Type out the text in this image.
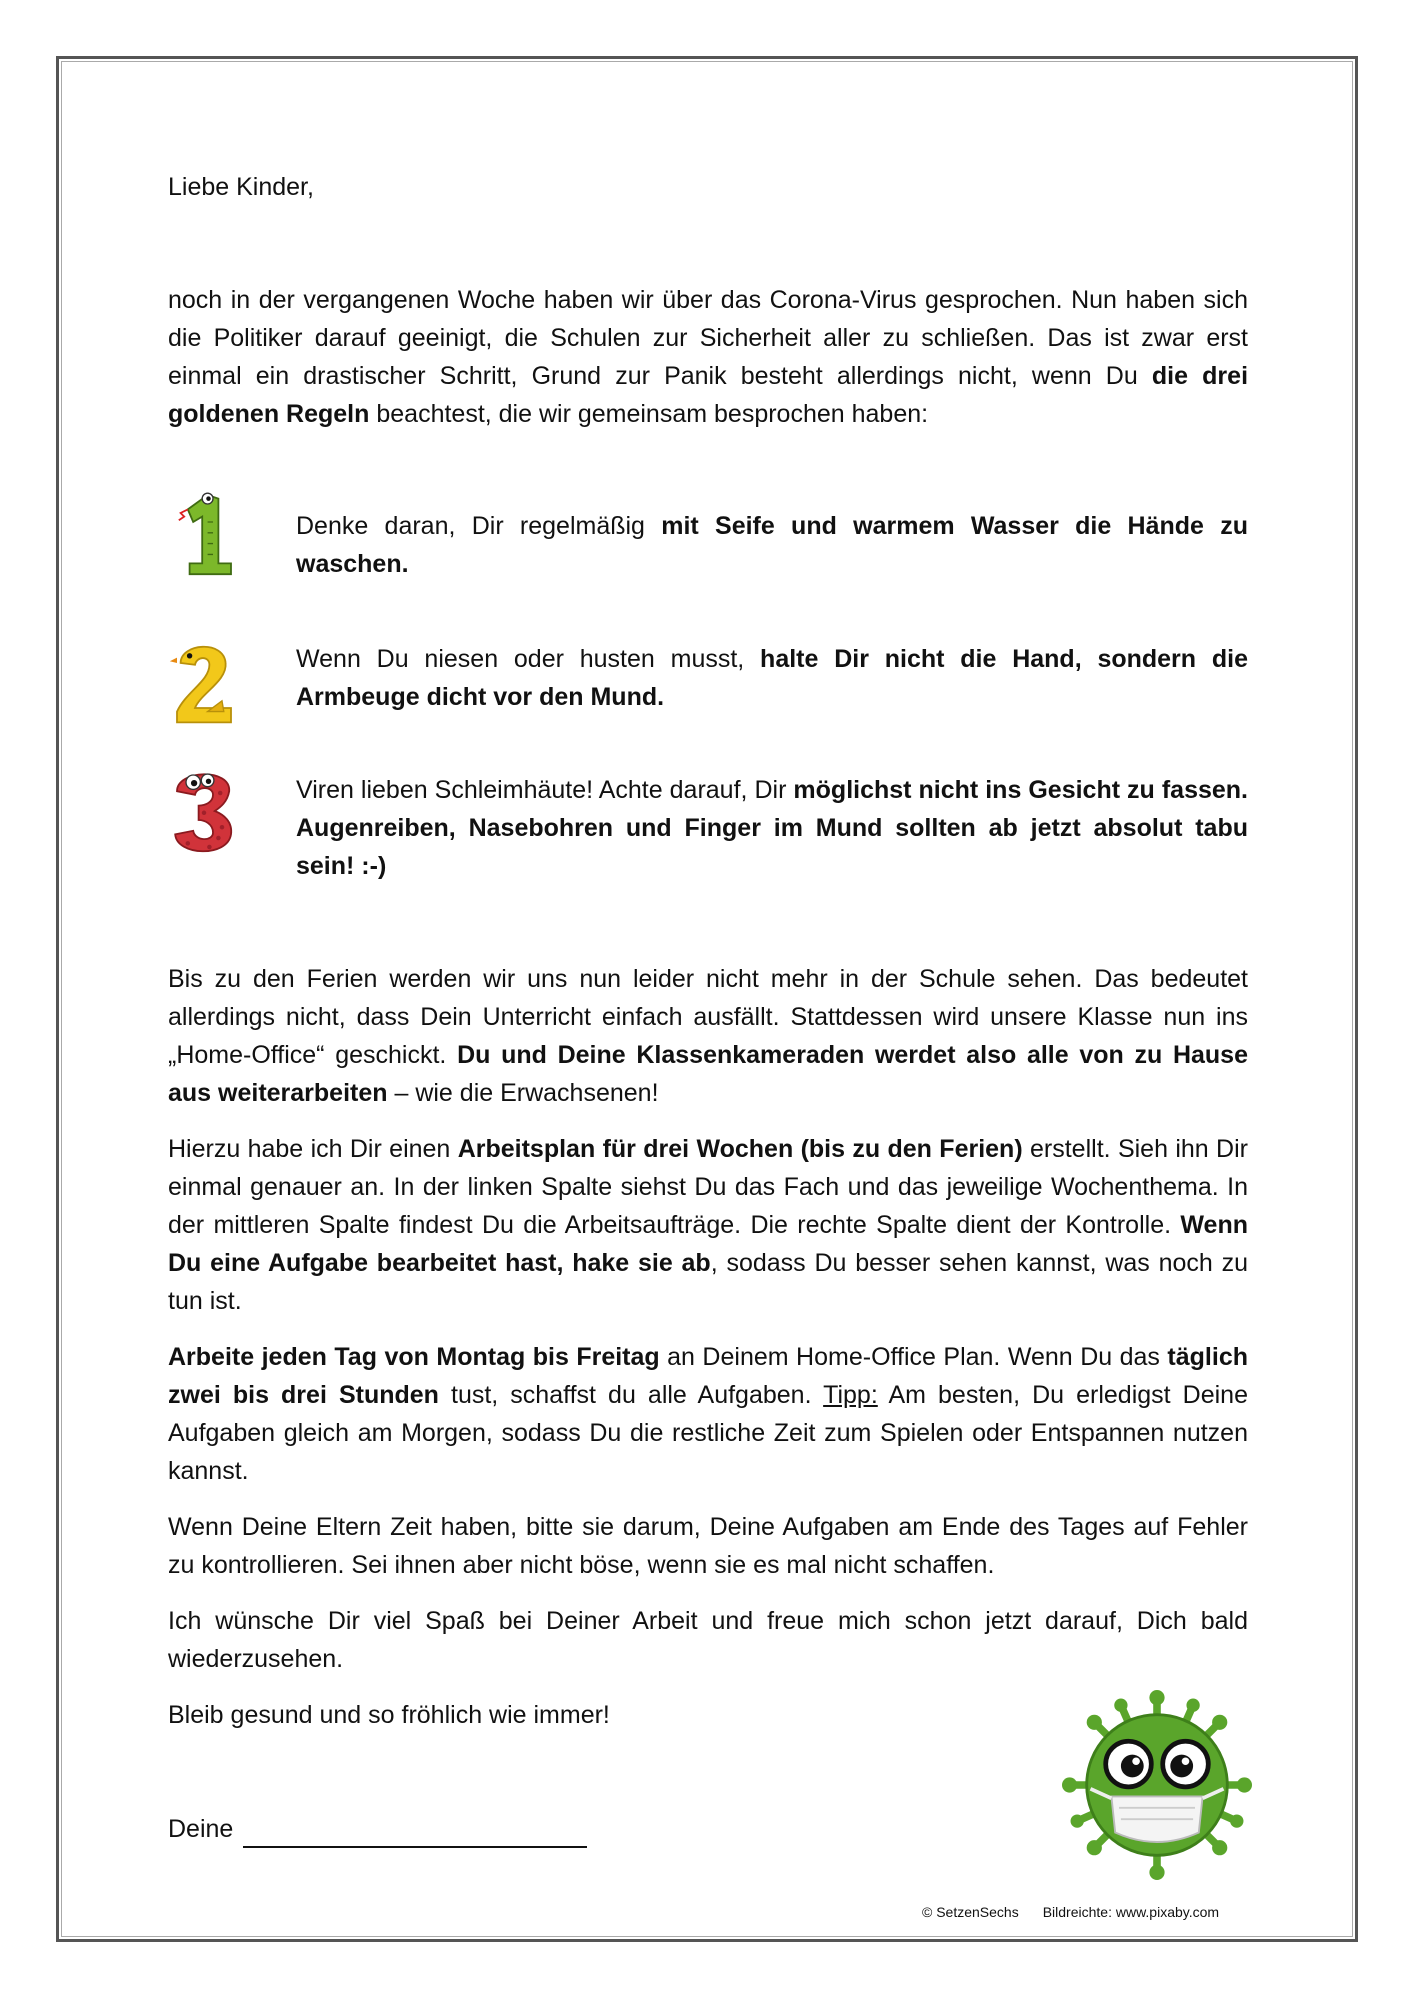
Liebe Kinder,

noch in der vergangenen Woche haben wir über das Corona-Virus gesprochen. Nun haben sich die Politiker darauf geeinigt, die Schulen zur Sicherheit aller zu schließen. Das ist zwar erst einmal ein drastischer Schritt, Grund zur Panik besteht allerdings nicht, wenn Du die drei goldenen Regeln beachtest, die wir gemeinsam besprochen haben:

Denke daran, Dir regelmäßig mit Seife und warmem Wasser die Hände zu waschen.

Wenn Du niesen oder husten musst, halte Dir nicht die Hand, sondern die Armbeuge dicht vor den Mund.

Viren lieben Schleimhäute! Achte darauf, Dir möglichst nicht ins Gesicht zu fassen. Augenreiben, Nasebohren und Finger im Mund sollten ab jetzt absolut tabu sein! :-)

Bis zu den Ferien werden wir uns nun leider nicht mehr in der Schule sehen. Das bedeutet allerdings nicht, dass Dein Unterricht einfach ausfällt. Stattdessen wird unsere Klasse nun ins „Home-Office“ geschickt. Du und Deine Klassenkameraden werdet also alle von zu Hause aus weiterarbeiten – wie die Erwachsenen!

Hierzu habe ich Dir einen Arbeitsplan für drei Wochen (bis zu den Ferien) erstellt. Sieh ihn Dir einmal genauer an. In der linken Spalte siehst Du das Fach und das jeweilige Wochenthema. In der mittleren Spalte findest Du die Arbeitsaufträge. Die rechte Spalte dient der Kontrolle. Wenn Du eine Aufgabe bearbeitet hast, hake sie ab, sodass Du besser sehen kannst, was noch zu tun ist.

Arbeite jeden Tag von Montag bis Freitag an Deinem Home-Office Plan. Wenn Du das täglich zwei bis drei Stunden tust, schaffst du alle Aufgaben. Tipp: Am besten, Du erledigst Deine Aufgaben gleich am Morgen, sodass Du die restliche Zeit zum Spielen oder Entspannen nutzen kannst.

Wenn Deine Eltern Zeit haben, bitte sie darum, Deine Aufgaben am Ende des Tages auf Fehler zu kontrollieren. Sei ihnen aber nicht böse, wenn sie es mal nicht schaffen.

Ich wünsche Dir viel Spaß bei Deiner Arbeit und freue mich schon jetzt darauf, Dich bald wiederzusehen.

Bleib gesund und so fröhlich wie immer!

Deine
© SetzenSechs Bildreichte: www.pixaby.com
